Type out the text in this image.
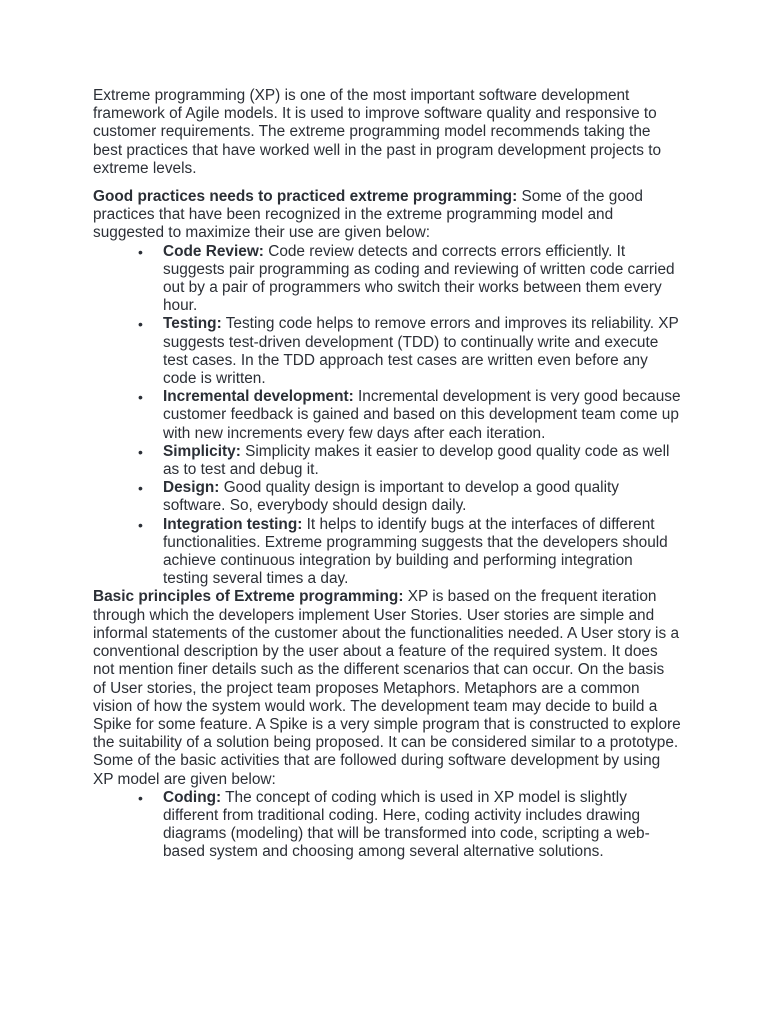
Extreme programming (XP) is one of the most important software development framework of Agile models. It is used to improve software quality and responsive to customer requirements. The extreme programming model recommends taking the best practices that have worked well in the past in program development projects to extreme levels.

Good practices needs to practiced extreme programming: Some of the good practices that have been recognized in the extreme programming model and suggested to maximize their use are given below:

• Code Review: Code review detects and corrects errors efficiently. It suggests pair programming as coding and reviewing of written code carried out by a pair of programmers who switch their works between them every hour.
• Testing: Testing code helps to remove errors and improves its reliability. XP suggests test-driven development (TDD) to continually write and execute test cases. In the TDD approach test cases are written even before any code is written.
• Incremental development: Incremental development is very good because customer feedback is gained and based on this development team come up with new increments every few days after each iteration.
• Simplicity: Simplicity makes it easier to develop good quality code as well as to test and debug it.
• Design: Good quality design is important to develop a good quality software. So, everybody should design daily.
• Integration testing: It helps to identify bugs at the interfaces of different functionalities. Extreme programming suggests that the developers should achieve continuous integration by building and performing integration testing several times a day.

Basic principles of Extreme programming: XP is based on the frequent iteration through which the developers implement User Stories. User stories are simple and informal statements of the customer about the functionalities needed. A User story is a conventional description by the user about a feature of the required system. It does not mention finer details such as the different scenarios that can occur. On the basis of User stories, the project team proposes Metaphors. Metaphors are a common vision of how the system would work. The development team may decide to build a Spike for some feature. A Spike is a very simple program that is constructed to explore the suitability of a solution being proposed. It can be considered similar to a prototype. Some of the basic activities that are followed during software development by using XP model are given below:

• Coding: The concept of coding which is used in XP model is slightly different from traditional coding. Here, coding activity includes drawing diagrams (modeling) that will be transformed into code, scripting a web-based system and choosing among several alternative solutions.
